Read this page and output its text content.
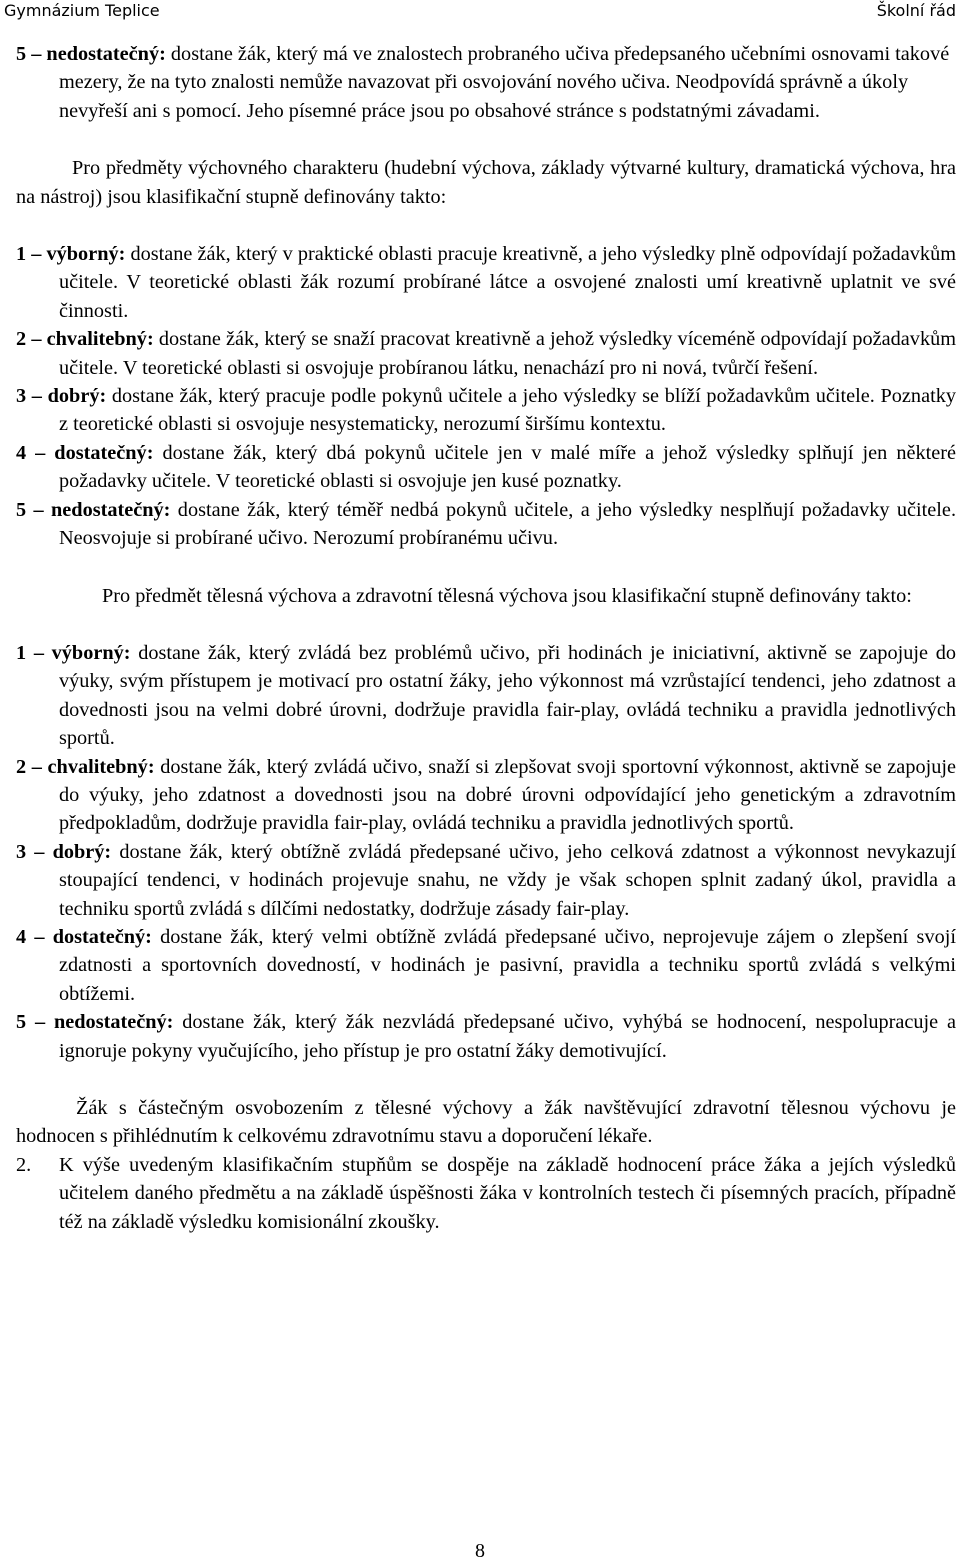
Gymnázium Teplice	Školní řád

5 – nedostatečný: dostane žák, který má ve znalostech probraného učiva předepsaného učebními osnovami takové mezery, že na tyto znalosti nemůže navazovat při osvojování nového učiva. Neodpovídá správně a úkoly nevyřeší ani s pomocí. Jeho písemné práce jsou po obsahové stránce s podstatnými závadami.

Pro předměty výchovného charakteru (hudební výchova, základy výtvarné kultury, dramatická výchova, hra na nástroj) jsou klasifikační stupně definovány takto:

1 – výborný: dostane žák, který v praktické oblasti pracuje kreativně, a jeho výsledky plně odpovídají požadavkům učitele. V teoretické oblasti žák rozumí probírané látce a osvojené znalosti umí kreativně uplatnit ve své činnosti.

2 – chvalitebný: dostane žák, který se snaží pracovat kreativně a jehož výsledky víceméně odpovídají požadavkům učitele. V teoretické oblasti si osvojuje probíranou látku, nenachází pro ni nová, tvůrčí řešení.

3 – dobrý: dostane žák, který pracuje podle pokynů učitele a jeho výsledky se blíží požadavkům učitele. Poznatky z teoretické oblasti si osvojuje nesystematicky, nerozumí širšímu kontextu.

4 – dostatečný: dostane žák, který dbá pokynů učitele jen v malé míře a jehož výsledky splňují jen některé požadavky učitele. V teoretické oblasti si osvojuje jen kusé poznatky.

5 – nedostatečný: dostane žák, který téměř nedbá pokynů učitele, a jeho výsledky nesplňují požadavky učitele. Neosvojuje si probírané učivo. Nerozumí probíranému učivu.

Pro předmět tělesná výchova a zdravotní tělesná výchova jsou klasifikační stupně definovány takto:

1 – výborný: dostane žák, který zvládá bez problémů učivo, při hodinách je iniciativní, aktivně se zapojuje do výuky, svým přístupem je motivací pro ostatní žáky, jeho výkonnost má vzrůstající tendenci, jeho zdatnost a dovednosti jsou na velmi dobré úrovni, dodržuje pravidla fair-play, ovládá techniku a pravidla jednotlivých sportů.

2 – chvalitebný: dostane žák, který zvládá učivo, snaží si zlepšovat svoji sportovní výkonnost, aktivně se zapojuje do výuky, jeho zdatnost a dovednosti jsou na dobré úrovni odpovídající jeho genetickým a zdravotním předpokladům, dodržuje pravidla fair-play, ovládá techniku a pravidla jednotlivých sportů.

3 – dobrý: dostane žák, který obtížně zvládá předepsané učivo, jeho celková zdatnost a výkonnost nevykazují stoupající tendenci, v hodinách projevuje snahu, ne vždy je však schopen splnit zadaný úkol, pravidla a techniku sportů zvládá s dílčími nedostatky, dodržuje zásady fair-play.

4 – dostatečný: dostane žák, který velmi obtížně zvládá předepsané učivo, neprojevuje zájem o zlepšení svojí zdatnosti a sportovních dovedností, v hodinách je pasivní, pravidla a techniku sportů zvládá s velkými obtížemi.

5 – nedostatečný: dostane žák, který žák nezvládá předepsané učivo, vyhýbá se hodnocení, nespolupracuje a ignoruje pokyny vyučujícího, jeho přístup je pro ostatní žáky demotivující.

Žák s částečným osvobozením z tělesné výchovy a žák navštěvující zdravotní tělesnou výchovu je hodnocen s přihlédnutím k celkovému zdravotnímu stavu a doporučení lékaře.

2. K výše uvedeným klasifikačním stupňům se dospěje na základě hodnocení práce žáka a jejích výsledků učitelem daného předmětu a na základě úspěšnosti žáka v kontrolních testech či písemných pracích, případně též na základě výsledku komisionální zkoušky.
8
